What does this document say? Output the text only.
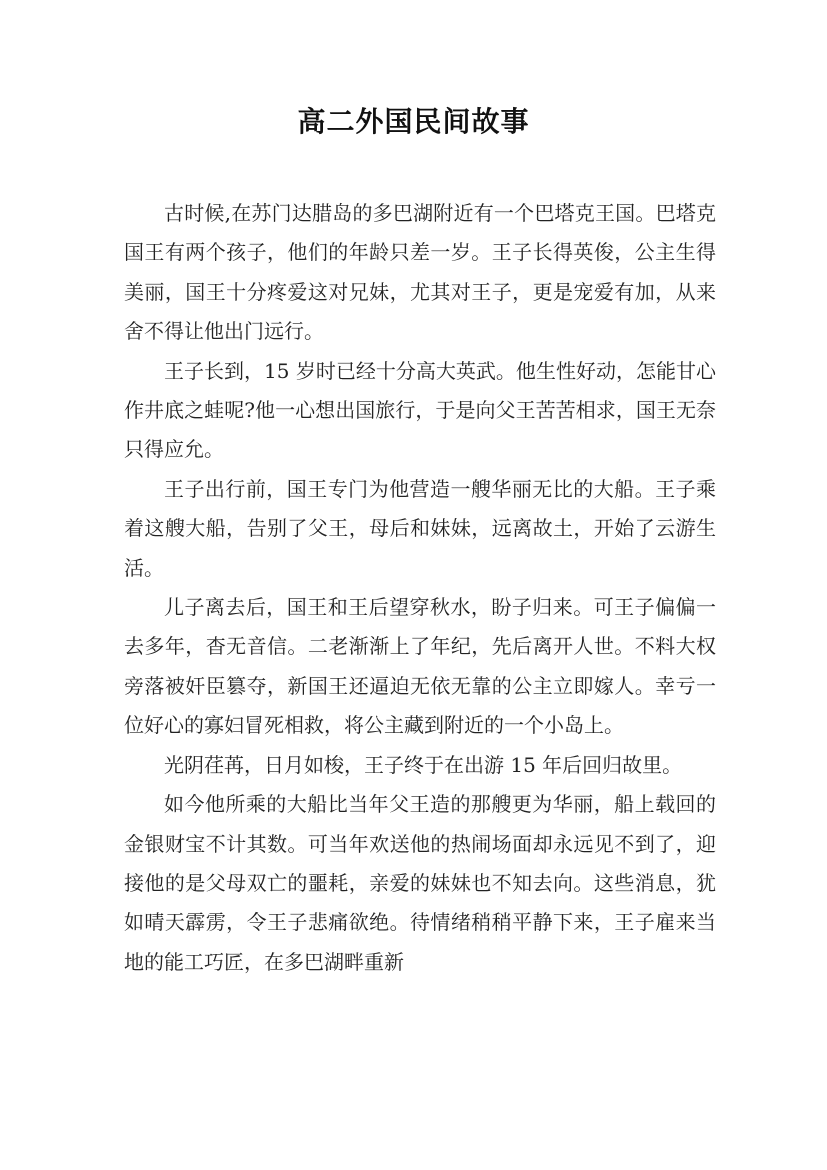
高二外国民间故事

古时候,在苏门达腊岛的多巴湖附近有一个巴塔克王国。巴塔克国王有两个孩子，他们的年龄只差一岁。王子长得英俊，公主生得美丽，国王十分疼爱这对兄妹，尤其对王子，更是宠爱有加，从来舍不得让他出门远行。

王子长到，15 岁时已经十分高大英武。他生性好动，怎能甘心作井底之蛙呢?他一心想出国旅行，于是向父王苦苦相求，国王无奈只得应允。

王子出行前，国王专门为他营造一艘华丽无比的大船。王子乘着这艘大船，告别了父王，母后和妹妹，远离故土，开始了云游生活。

儿子离去后，国王和王后望穿秋水，盼子归来。可王子偏偏一去多年，杳无音信。二老渐渐上了年纪，先后离开人世。不料大权旁落被奸臣篡夺，新国王还逼迫无依无靠的公主立即嫁人。幸亏一位好心的寡妇冒死相救，将公主藏到附近的一个小岛上。

光阴荏苒，日月如梭，王子终于在出游 15 年后回归故里。

如今他所乘的大船比当年父王造的那艘更为华丽，船上载回的金银财宝不计其数。可当年欢送他的热闹场面却永远见不到了，迎接他的是父母双亡的噩耗，亲爱的妹妹也不知去向。这些消息，犹如晴天霹雳，令王子悲痛欲绝。待情绪稍稍平静下来，王子雇来当地的能工巧匠，在多巴湖畔重新
